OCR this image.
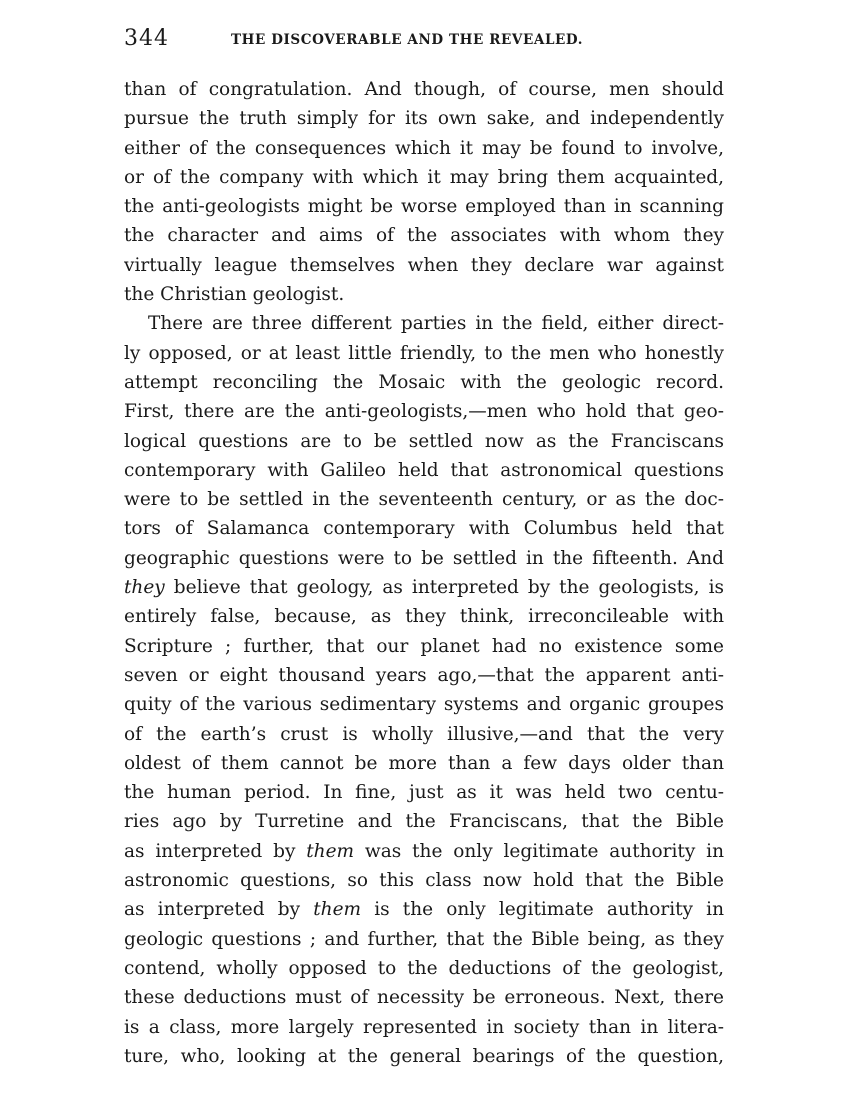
344	THE DISCOVERABLE AND THE REVEALED.
than of congratulation. And though, of course, men should
pursue the truth simply for its own sake, and independently
either of the consequences which it may be found to involve,
or of the company with which it may bring them acquainted,
the anti-geologists might be worse employed than in scanning
the character and aims of the associates with whom they
virtually league themselves when they declare war against
the Christian geologist.
There are three different parties in the field, either direct-
ly opposed, or at least little friendly, to the men who honestly
attempt reconciling the Mosaic with the geologic record.
First, there are the anti-geologists,—men who hold that geo-
logical questions are to be settled now as the Franciscans
contemporary with Galileo held that astronomical questions
were to be settled in the seventeenth century, or as the doc-
tors of Salamanca contemporary with Columbus held that
geographic questions were to be settled in the fifteenth. And
they believe that geology, as interpreted by the geologists, is
entirely false, because, as they think, irreconcileable with
Scripture ; further, that our planet had no existence some
seven or eight thousand years ago,—that the apparent anti-
quity of the various sedimentary systems and organic groupes
of the earth’s crust is wholly illusive,—and that the very
oldest of them cannot be more than a few days older than
the human period. In fine, just as it was held two centu-
ries ago by Turretine and the Franciscans, that the Bible
as interpreted by them was the only legitimate authority in
astronomic questions, so this class now hold that the Bible
as interpreted by them is the only legitimate authority in
geologic questions ; and further, that the Bible being, as they
contend, wholly opposed to the deductions of the geologist,
these deductions must of necessity be erroneous. Next, there
is a class, more largely represented in society than in litera-
ture, who, looking at the general bearings of the question,
